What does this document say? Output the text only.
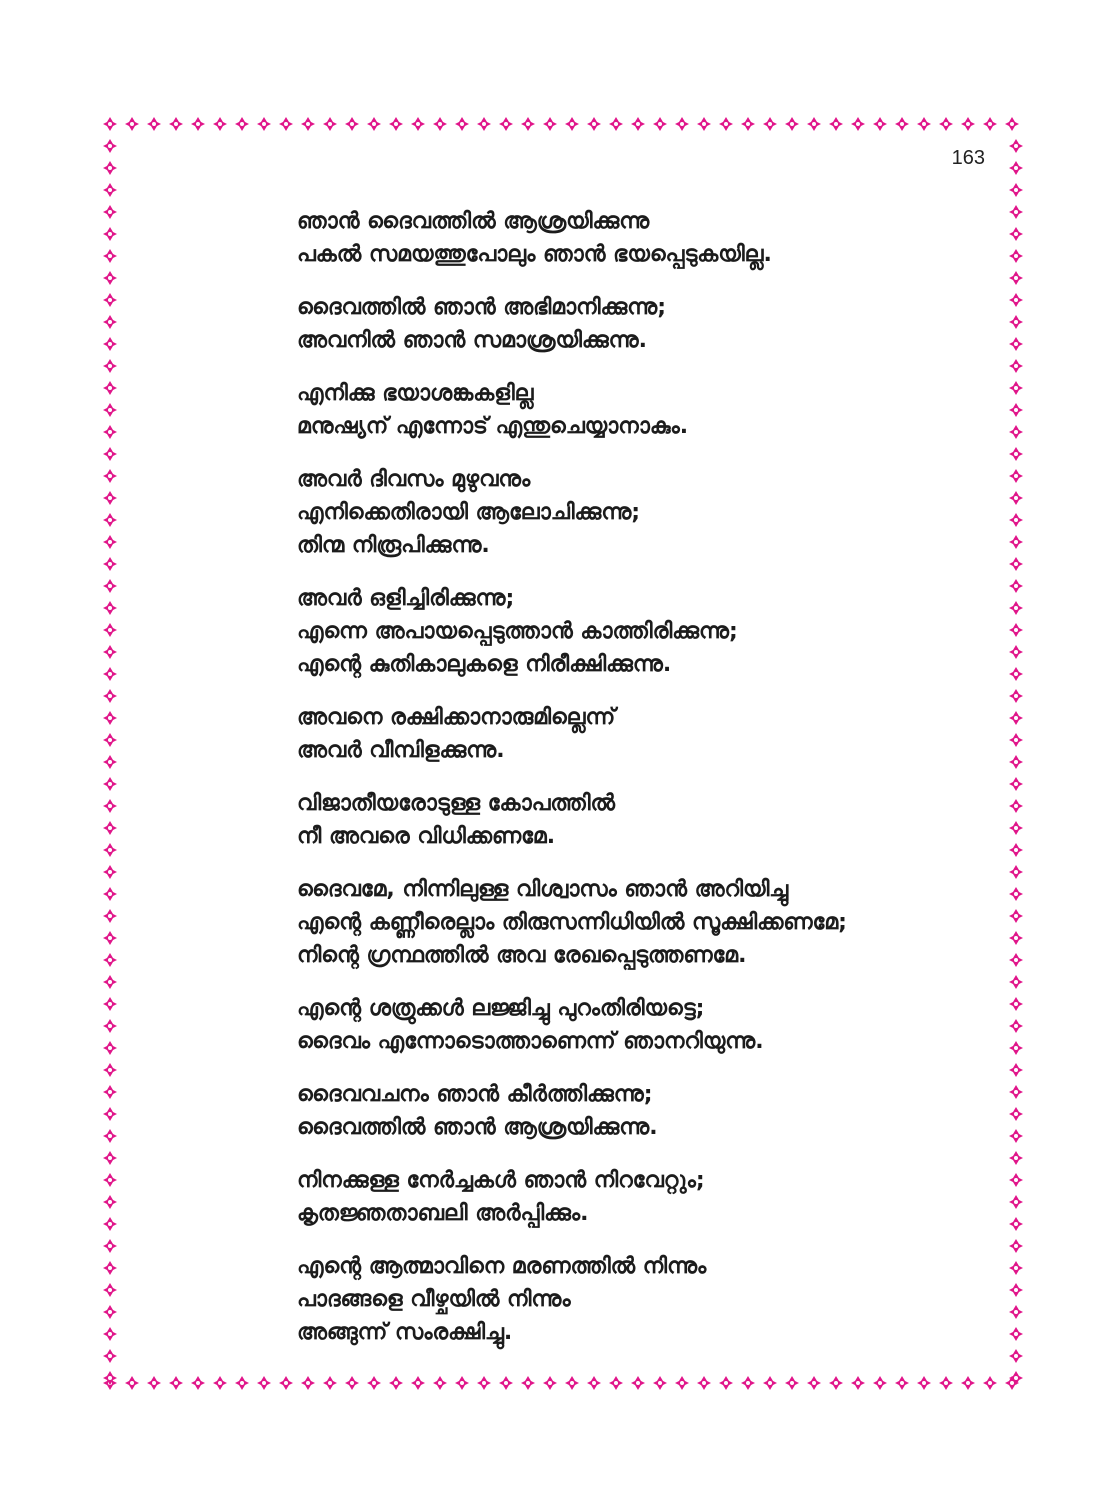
163
ഞാൻ ദൈവത്തിൽ ആശ്രയിക്കുന്നു
പകൽ സമയത്തുപോലും ഞാൻ ഭയപ്പെടുകയില്ല.
ദൈവത്തിൽ ഞാൻ അഭിമാനിക്കുന്നു;
അവനിൽ ഞാൻ സമാശ്രയിക്കുന്നു.
എനിക്കു ഭയാശങ്കകളില്ല
മനുഷ്യന് എന്നോട് എന്തുചെയ്യാനാകും.
അവർ ദിവസം മുഴുവനും
എനിക്കെതിരായി ആലോചിക്കുന്നു;
തിന്മ നിരൂപിക്കുന്നു.
അവർ ഒളിച്ചിരിക്കുന്നു;
എന്നെ അപായപ്പെടുത്താൻ കാത്തിരിക്കുന്നു;
എന്റെ കുതികാലുകളെ നിരീക്ഷിക്കുന്നു.
അവനെ രക്ഷിക്കാനാരുമില്ലെന്ന്
അവർ വീമ്പിളക്കുന്നു.
വിജാതീയരോടുള്ള കോപത്തിൽ
നീ അവരെ വിധിക്കണമേ.
ദൈവമേ, നിന്നിലുള്ള വിശ്വാസം ഞാൻ അറിയിച്ചു
എന്റെ കണ്ണീരെല്ലാം തിരുസന്നിധിയിൽ സൂക്ഷിക്കണമേ;
നിന്റെ ഗ്രന്ഥത്തിൽ അവ രേഖപ്പെടുത്തണമേ.
എന്റെ ശത്രുക്കൾ ലജ്ജിച്ചു പുറംതിരിയട്ടെ;
ദൈവം എന്നോടൊത്താണെന്ന് ഞാനറിയുന്നു.
ദൈവവചനം ഞാൻ കീർത്തിക്കുന്നു;
ദൈവത്തിൽ ഞാൻ ആശ്രയിക്കുന്നു.
നിനക്കുള്ള നേർച്ചകൾ ഞാൻ നിറവേറ്റും;
കൃതജ്ഞതാബലി അർപ്പിക്കും.
എന്റെ ആത്മാവിനെ മരണത്തിൽ നിന്നും
പാദങ്ങളെ വീഴ്ചയിൽ നിന്നും
അങ്ങുന്ന് സംരക്ഷിച്ചു.
